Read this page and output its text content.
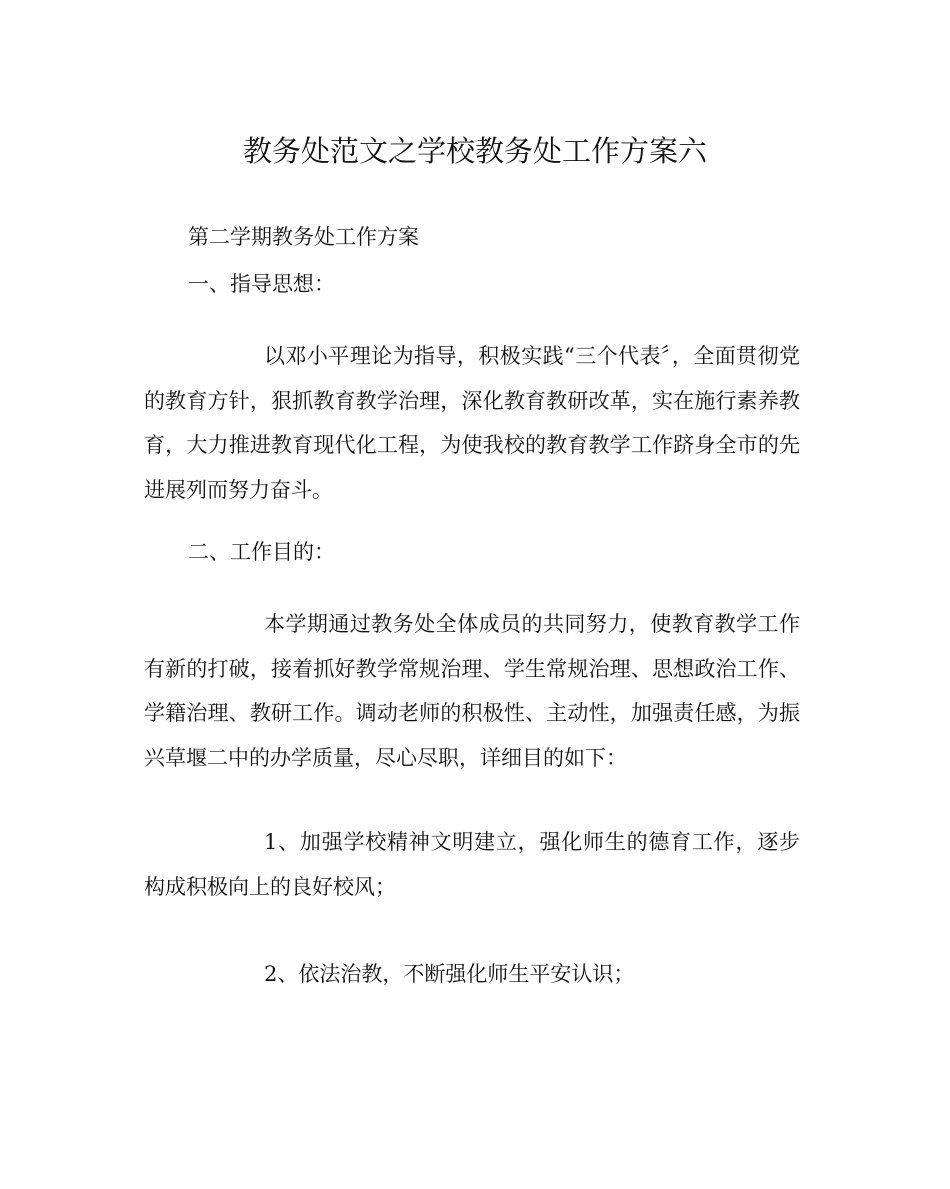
教务处范文之学校教务处工作方案六
第二学期教务处工作方案
一、指导思想：
以邓小平理论为指导，积极实践“三个代表〞，全面贯彻党的教育方针，狠抓教育教学治理，深化教育教研改革，实在施行素养教育，大力推进教育现代化工程，为使我校的教育教学工作跻身全市的先进展列而努力奋斗。
二、工作目的：
本学期通过教务处全体成员的共同努力，使教育教学工作有新的打破，接着抓好教学常规治理、学生常规治理、思想政治工作、学籍治理、教研工作。调动老师的积极性、主动性，加强责任感，为振兴草堰二中的办学质量，尽心尽职，详细目的如下：
1、加强学校精神文明建立，强化师生的德育工作，逐步构成积极向上的良好校风；
2、依法治教，不断强化师生平安认识；
